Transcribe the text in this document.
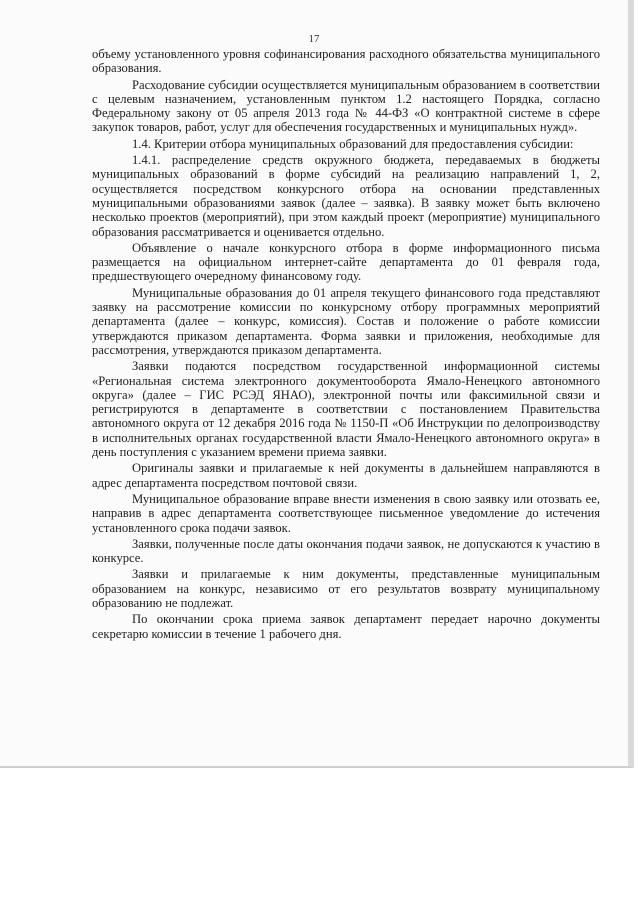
17

объему установленного уровня софинансирования расходного обязательства муниципального образования.

Расходование субсидии осуществляется муниципальным образованием в соответствии с целевым назначением, установленным пунктом 1.2 настоящего Порядка, согласно Федеральному закону от 05 апреля 2013 года № 44-ФЗ «О контрактной системе в сфере закупок товаров, работ, услуг для обеспечения государственных и муниципальных нужд».

1.4. Критерии отбора муниципальных образований для предоставления субсидии:

1.4.1. распределение средств окружного бюджета, передаваемых в бюджеты муниципальных образований в форме субсидий на реализацию направлений 1, 2, осуществляется посредством конкурсного отбора на основании представленных муниципальными образованиями заявок (далее – заявка). В заявку может быть включено несколько проектов (мероприятий), при этом каждый проект (мероприятие) муниципального образования рассматривается и оценивается отдельно.

Объявление о начале конкурсного отбора в форме информационного письма размещается на официальном интернет-сайте департамента до 01 февраля года, предшествующего очередному финансовому году.

Муниципальные образования до 01 апреля текущего финансового года представляют заявку на рассмотрение комиссии по конкурсному отбору программных мероприятий департамента (далее – конкурс, комиссия). Состав и положение о работе комиссии утверждаются приказом департамента. Форма заявки и приложения, необходимые для рассмотрения, утверждаются приказом департамента.

Заявки подаются посредством государственной информационной системы «Региональная система электронного документооборота Ямало-Ненецкого автономного округа» (далее – ГИС РСЭД ЯНАО), электронной почты или факсимильной связи и регистрируются в департаменте в соответствии с постановлением Правительства автономного округа от 12 декабря 2016 года № 1150-П «Об Инструкции по делопроизводству в исполнительных органах государственной власти Ямало-Ненецкого автономного округа» в день поступления с указанием времени приема заявки.

Оригиналы заявки и прилагаемые к ней документы в дальнейшем направляются в адрес департамента посредством почтовой связи.

Муниципальное образование вправе внести изменения в свою заявку или отозвать ее, направив в адрес департамента соответствующее письменное уведомление до истечения установленного срока подачи заявок.

Заявки, полученные после даты окончания подачи заявок, не допускаются к участию в конкурсе.

Заявки и прилагаемые к ним документы, представленные муниципальным образованием на конкурс, независимо от его результатов возврату муниципальному образованию не подлежат.

По окончании срока приема заявок департамент передает нарочно документы секретарю комиссии в течение 1 рабочего дня.
